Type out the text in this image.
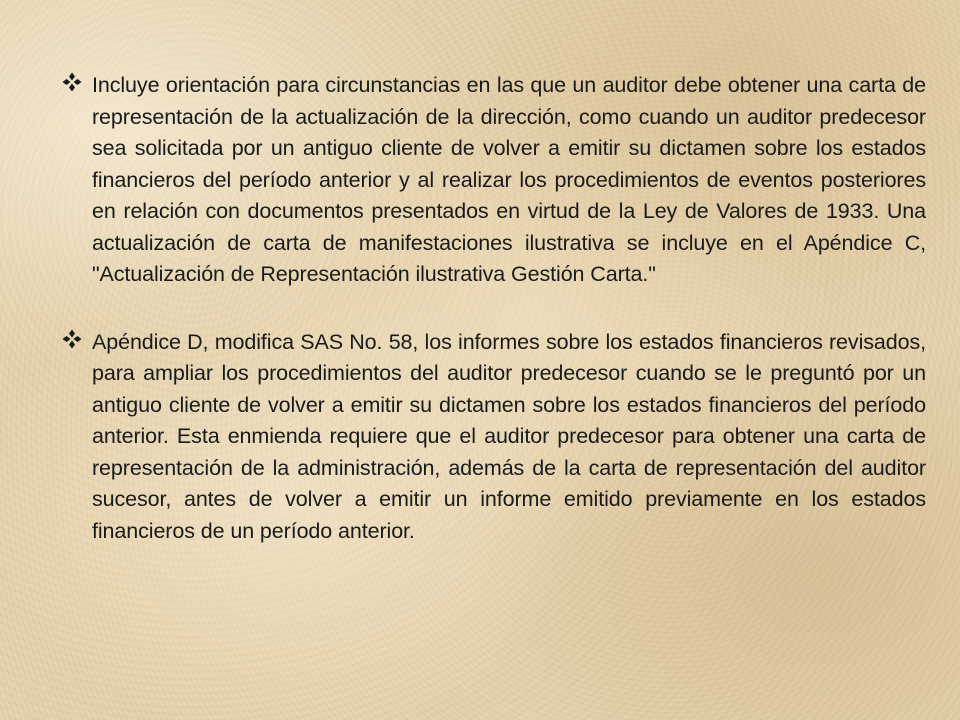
Incluye orientación para circunstancias en las que un auditor debe obtener una carta de representación de la actualización de la dirección, como cuando un auditor predecesor sea solicitada por un antiguo cliente de volver a emitir su dictamen sobre los estados financieros del período anterior y al realizar los procedimientos de eventos posteriores en relación con documentos presentados en virtud de la Ley de Valores de 1933. Una actualización de carta de manifestaciones ilustrativa se incluye en el Apéndice C, "Actualización de Representación ilustrativa Gestión Carta."

Apéndice D, modifica SAS No. 58, los informes sobre los estados financieros revisados, para ampliar los procedimientos del auditor predecesor cuando se le preguntó por un antiguo cliente de volver a emitir su dictamen sobre los estados financieros del período anterior. Esta enmienda requiere que el auditor predecesor para obtener una carta de representación de la administración, además de la carta de representación del auditor sucesor, antes de volver a emitir un informe emitido previamente en los estados financieros de un período anterior.
